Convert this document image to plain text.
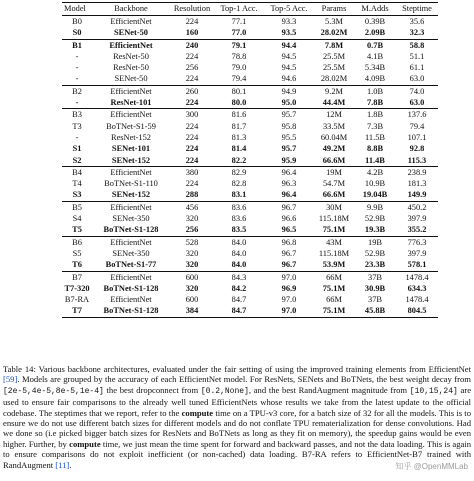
Model	Backbone	Resolution	Top-1 Acc.	Top-5 Acc.	Params	M.Adds	Steptime
B0	EfficientNet	224	77.1	93.3	5.3M	0.39B	35.6
S0	SENet-50	160	77.0	93.5	28.02M	2.09B	32.3
B1	EfficientNet	240	79.1	94.4	7.8M	0.7B	58.8
-	ResNet-50	224	78.8	94.5	25.5M	4.1B	51.1
-	ResNet-50	256	79.0	94.5	25.5M	5.34B	61.1
-	SENet-50	224	79.4	94.6	28.02M	4.09B	63.0
B2	EfficientNet	260	80.1	94.9	9.2M	1.0B	74.0
-	ResNet-101	224	80.0	95.0	44.4M	7.8B	63.0
B3	EfficientNet	300	81.6	95.7	12M	1.8B	137.6
T3	BoTNet-S1-59	224	81.7	95.8	33.5M	7.3B	79.4
-	ResNet-152	224	81.3	95.5	60.04M	11.5B	107.1
S1	SENet-101	224	81.4	95.7	49.2M	8.8B	92.8
S2	SENet-152	224	82.2	95.9	66.6M	11.4B	115.3
B4	EfficientNet	380	82.9	96.4	19M	4.2B	238.9
T4	BoTNet-S1-110	224	82.8	96.3	54.7M	10.9B	181.3
S3	SENet-152	288	83.1	96.4	66.6M	19.04B	149.9
B5	EfficientNet	456	83.6	96.7	30M	9.9B	450.2
S4	SENet-350	320	83.6	96.6	115.18M	52.9B	397.9
T5	BoTNet-S1-128	256	83.5	96.5	75.1M	19.3B	355.2
B6	EfficientNet	528	84.0	96.8	43M	19B	776.3
S5	SENet-350	320	84.0	96.7	115.18M	52.9B	397.9
T6	BoTNet-S1-77	320	84.0	96.7	53.9M	23.3B	578.1
B7	EfficientNet	600	84.3	97.0	66M	37B	1478.4
T7-320	BoTNet-S1-128	320	84.2	96.9	75.1M	30.9B	634.3
B7-RA	EfficientNet	600	84.7	97.0	66M	37B	1478.4
T7	BoTNet-S1-128	384	84.7	97.0	75.1M	45.8B	804.5
Table 14: Various backbone architectures, evaluated under the fair setting of using the improved training elements from EfficientNet [59]. Models are grouped by the accuracy of each EfficientNet model. For ResNets, SENets and BoTNets, the best weight decay from [2e-5,4e-5,8e-5,1e-4] the best dropconnect from [0.2,None], and the best RandAugment magnitude from [10,15,24] are used to ensure fair comparisons to the already well tuned EfficientNets whose results we take from the latest update to the official codebase. The steptimes that we report, refer to the compute time on a TPU-v3 core, for a batch size of 32 for all the models. This is to ensure we do not use different batch sizes for different models and do not conflate TPU rematerialization for dense convolutions. Had we done so (i.e picked bigger batch sizes for ResNets and BoTNets as long as they fit on memory), the speedup gains would be even higher. Further, by compute time, we just mean the time spent for forward and backward passes, and not the data loading. This is again to ensure comparisons do not exploit inefficient (or non-cached) data loading. B7-RA refers to EfficientNet-B7 trained with RandAugment [11].	知乎 @OpenMMLab
